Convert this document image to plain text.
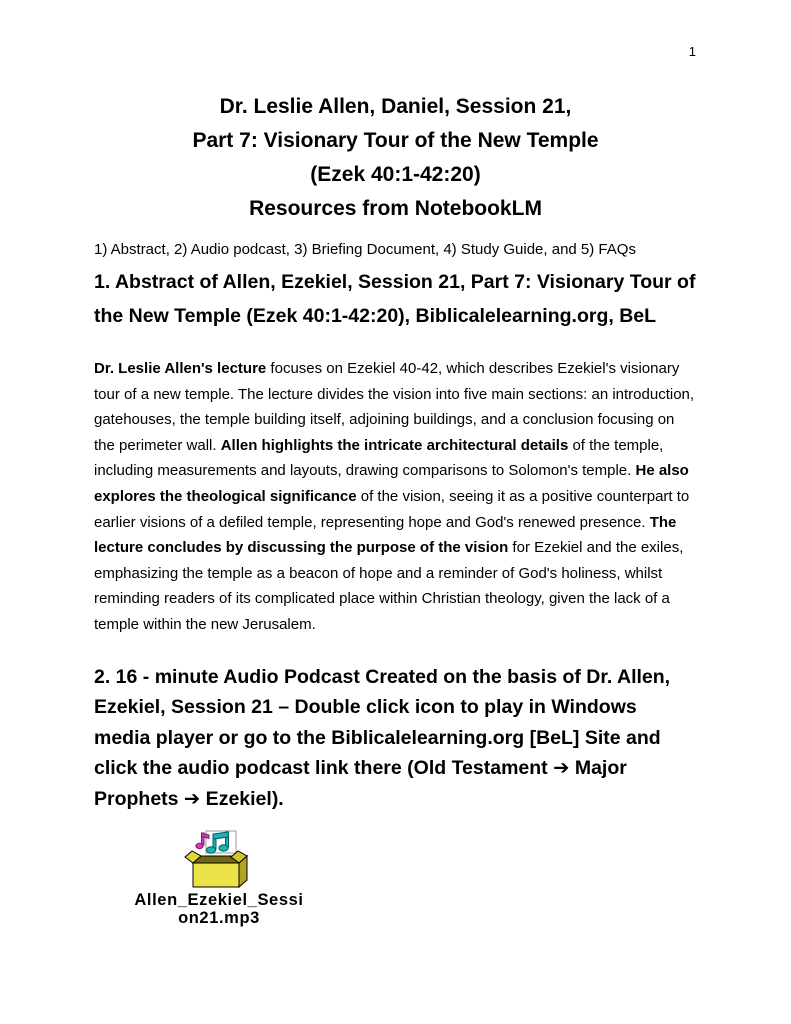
1
Dr. Leslie Allen, Daniel, Session 21,
Part 7: Visionary Tour of the New Temple
(Ezek 40:1-42:20)
Resources from NotebookLM

1) Abstract, 2) Audio podcast, 3) Briefing Document, 4) Study Guide, and 5) FAQs

1. Abstract of Allen, Ezekiel, Session 21, Part 7: Visionary Tour of the New Temple (Ezek 40:1-42:20), Biblicalelearning.org, BeL

Dr. Leslie Allen's lecture focuses on Ezekiel 40-42, which describes Ezekiel's visionary tour of a new temple. The lecture divides the vision into five main sections: an introduction, gatehouses, the temple building itself, adjoining buildings, and a conclusion focusing on the perimeter wall. Allen highlights the intricate architectural details of the temple, including measurements and layouts, drawing comparisons to Solomon's temple. He also explores the theological significance of the vision, seeing it as a positive counterpart to earlier visions of a defiled temple, representing hope and God's renewed presence. The lecture concludes by discussing the purpose of the vision for Ezekiel and the exiles, emphasizing the temple as a beacon of hope and a reminder of God's holiness, whilst reminding readers of its complicated place within Christian theology, given the lack of a temple within the new Jerusalem.

2. 16 - minute Audio Podcast Created on the basis of Dr. Allen, Ezekiel, Session 21 – Double click icon to play in Windows media player or go to the Biblicalelearning.org [BeL] Site and click the audio podcast link there (Old Testament ➔ Major Prophets ➔ Ezekiel).
Allen_Ezekiel_Sessi
on21.mp3
